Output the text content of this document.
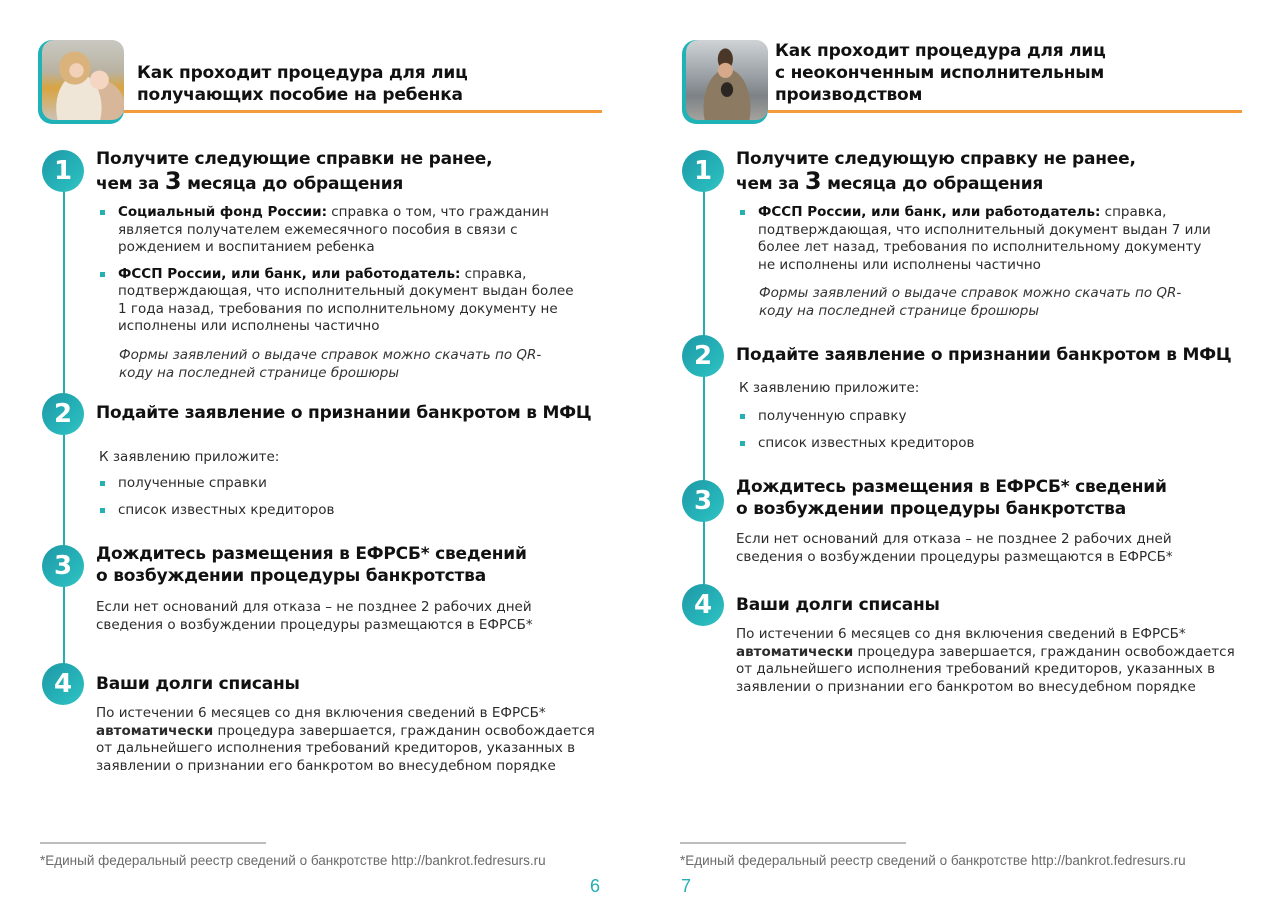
Как проходит процедура для лиц
получающих пособие на ребенка
1	Получите следующие справки не ранее,
чем за 3 месяца до обращения
Социальный фонд России: справка о том, что гражданин является получателем ежемесячного пособия в связи с рождением и воспитанием ребенка
ФССП России, или банк, или работодатель: справка, подтверждающая, что исполнительный документ выдан более 1 года назад, требования по исполнительному документу не исполнены или исполнены частично
Формы заявлений о выдаче справок можно скачать по QR-коду на последней странице брошюры
2	Подайте заявление о признании банкротом в МФЦ
К заявлению приложите:
полученные справки
список известных кредиторов
3	Дождитесь размещения в ЕФРСБ* сведений
о возбуждении процедуры банкротства
Если нет оснований для отказа – не позднее 2 рабочих дней сведения о возбуждении процедуры размещаются в ЕФРСБ*
4	Ваши долги списаны
По истечении 6 месяцев со дня включения сведений в ЕФРСБ*
автоматически процедура завершается, гражданин освобождается от дальнейшего исполнения требований кредиторов, указанных в заявлении о признании его банкротом во внесудебном порядке
*Единый федеральный реестр сведений о банкротстве http://bankrot.fedresurs.ru
6
Как проходит процедура для лиц
с неоконченным исполнительным
производством
1	Получите следующую справку не ранее,
чем за 3 месяца до обращения
ФССП России, или банк, или работодатель: справка, подтверждающая, что исполнительный документ выдан 7 или более лет назад, требования по исполнительному документу не исполнены или исполнены частично
Формы заявлений о выдаче справок можно скачать по QR-коду на последней странице брошюры
2	Подайте заявление о признании банкротом в МФЦ
К заявлению приложите:
полученную справку
список известных кредиторов
3	Дождитесь размещения в ЕФРСБ* сведений
о возбуждении процедуры банкротства
Если нет оснований для отказа – не позднее 2 рабочих дней сведения о возбуждении процедуры размещаются в ЕФРСБ*
4	Ваши долги списаны
По истечении 6 месяцев со дня включения сведений в ЕФРСБ*
автоматически процедура завершается, гражданин освобождается от дальнейшего исполнения требований кредиторов, указанных в заявлении о признании его банкротом во внесудебном порядке
*Единый федеральный реестр сведений о банкротстве http://bankrot.fedresurs.ru
7
